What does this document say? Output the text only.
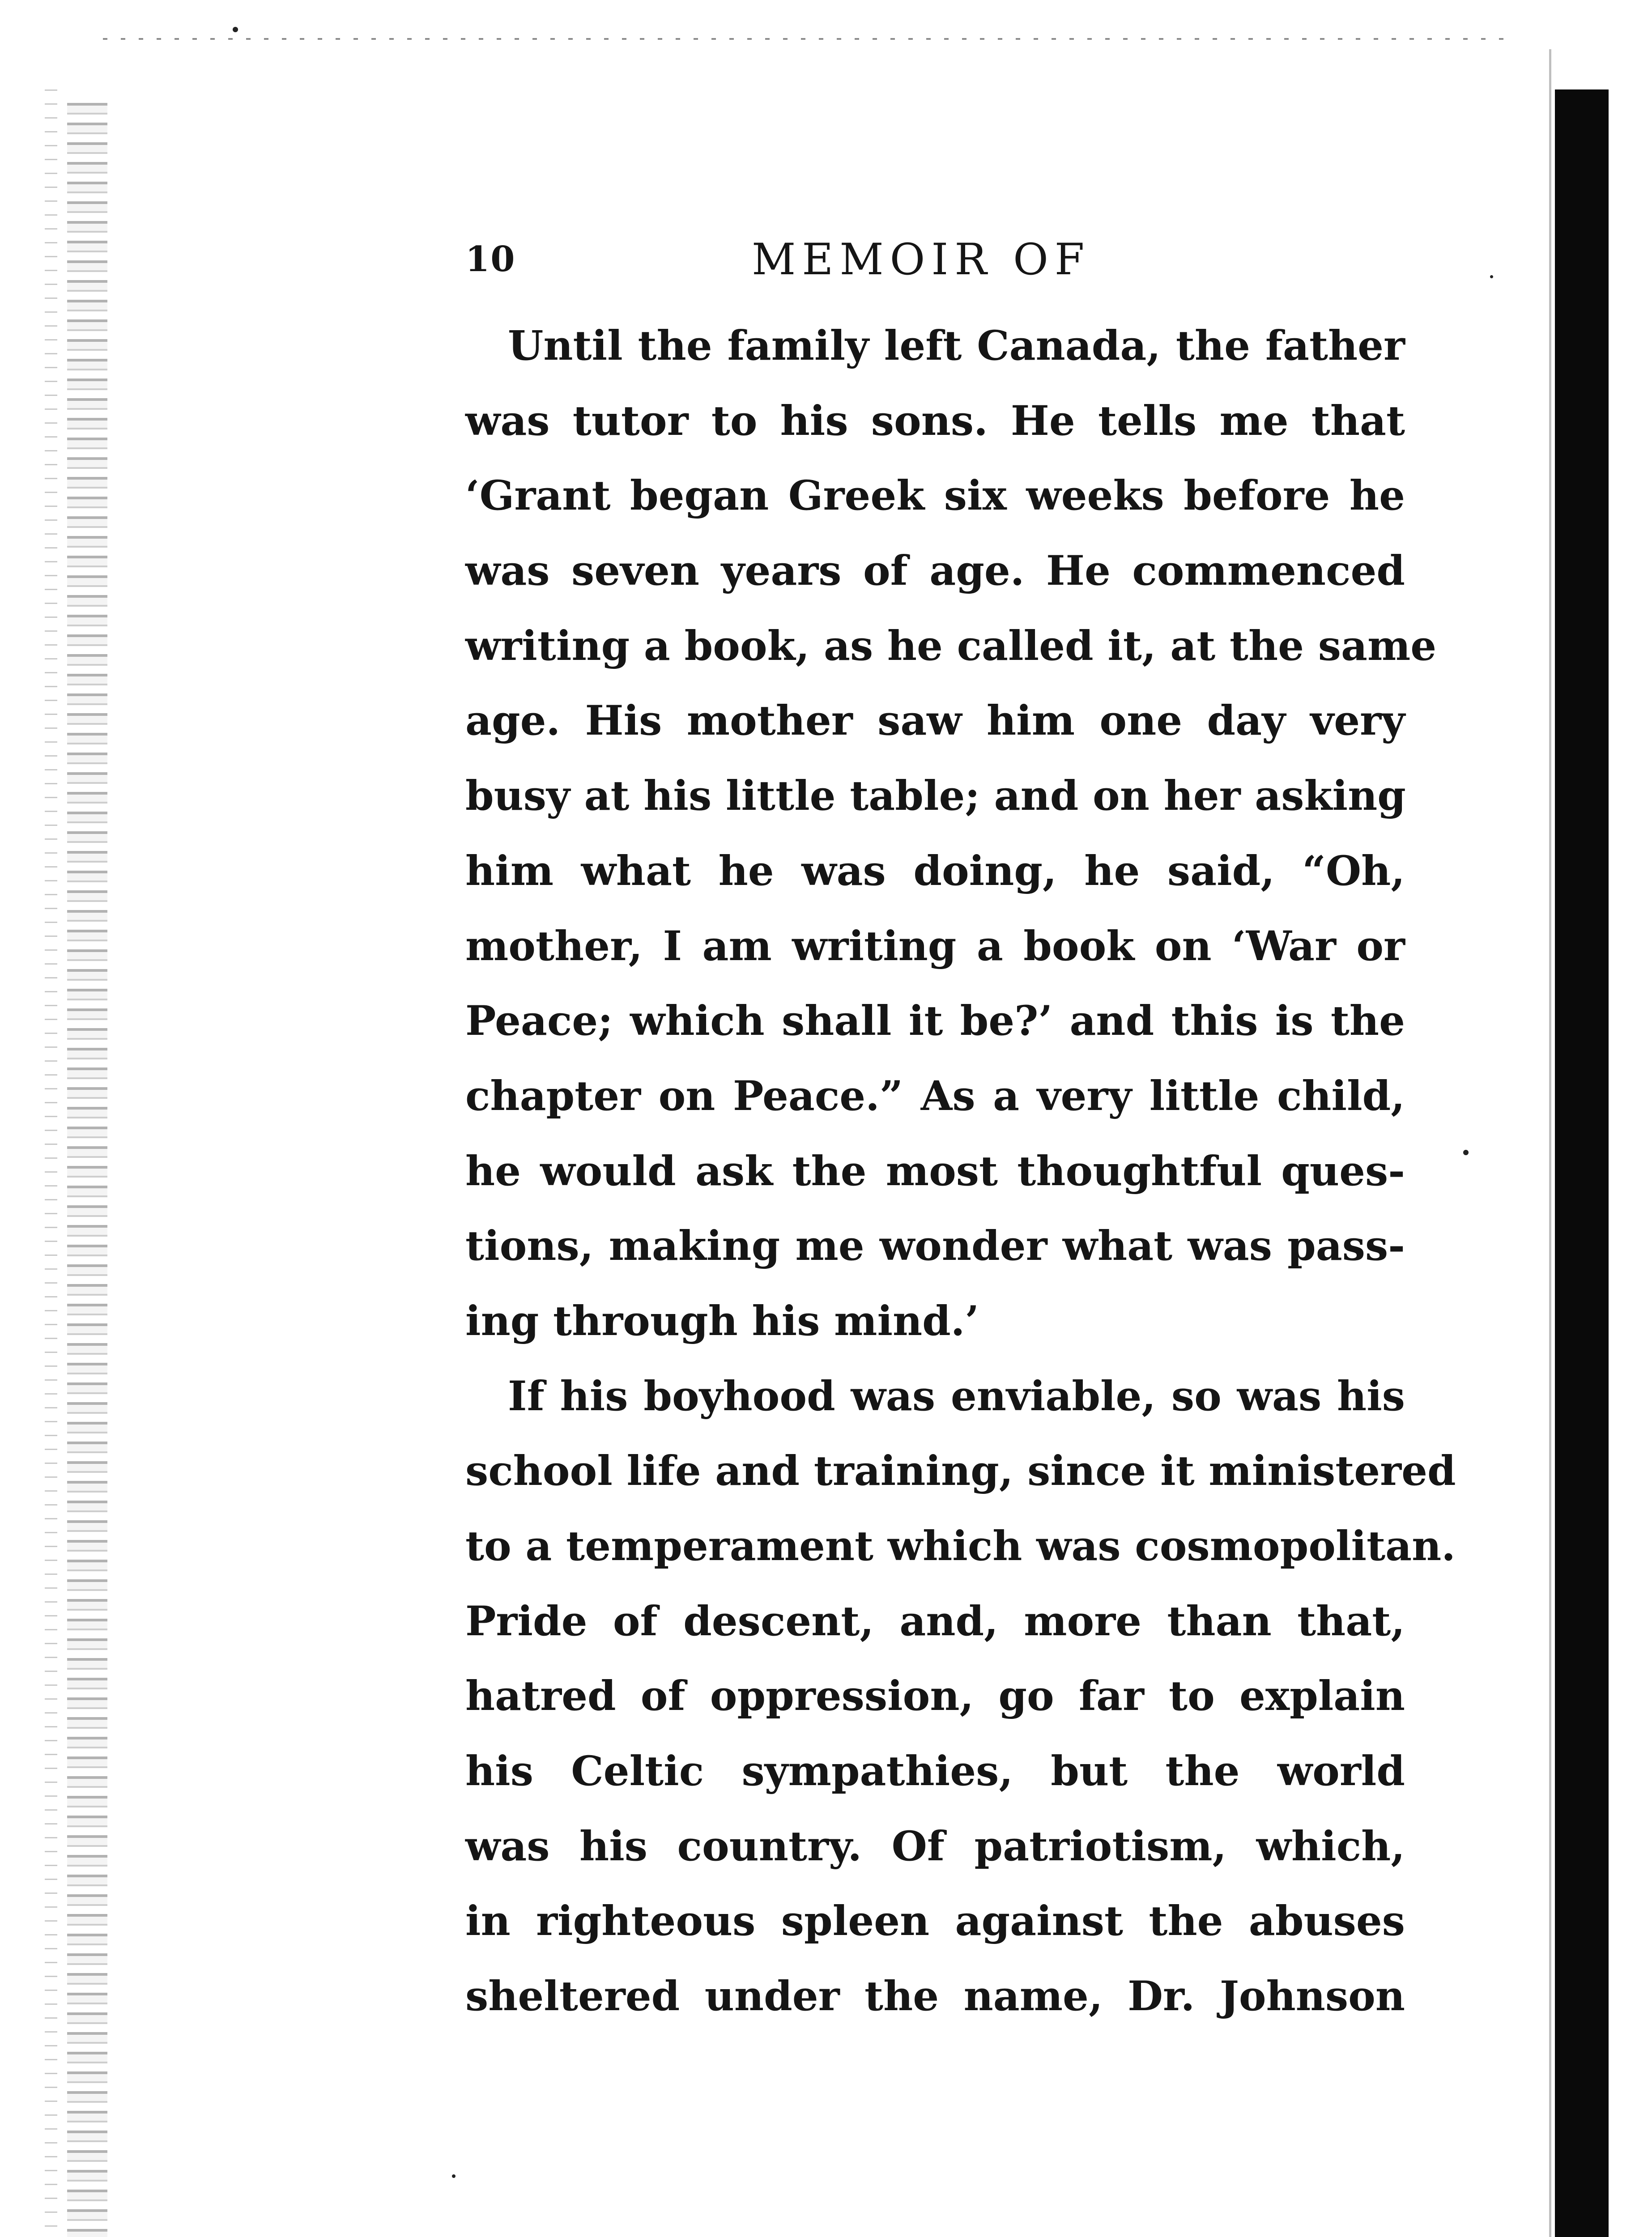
10	MEMOIR OF
Until the family left Canada, the father
was tutor to his sons. He tells me that
‘Grant began Greek six weeks before he
was seven years of age. He commenced
writing a book, as he called it, at the same
age. His mother saw him one day very
busy at his little table; and on her asking
him what he was doing, he said, “Oh,
mother, I am writing a book on ‘War or
Peace; which shall it be?’ and this is the
chapter on Peace.” As a very little child,
he would ask the most thoughtful ques-
tions, making me wonder what was pass-
ing through his mind.’
If his boyhood was enviable, so was his
school life and training, since it ministered
to a temperament which was cosmopolitan.
Pride of descent, and, more than that,
hatred of oppression, go far to explain
his Celtic sympathies, but the world
was his country. Of patriotism, which,
in righteous spleen against the abuses
sheltered under the name, Dr. Johnson
